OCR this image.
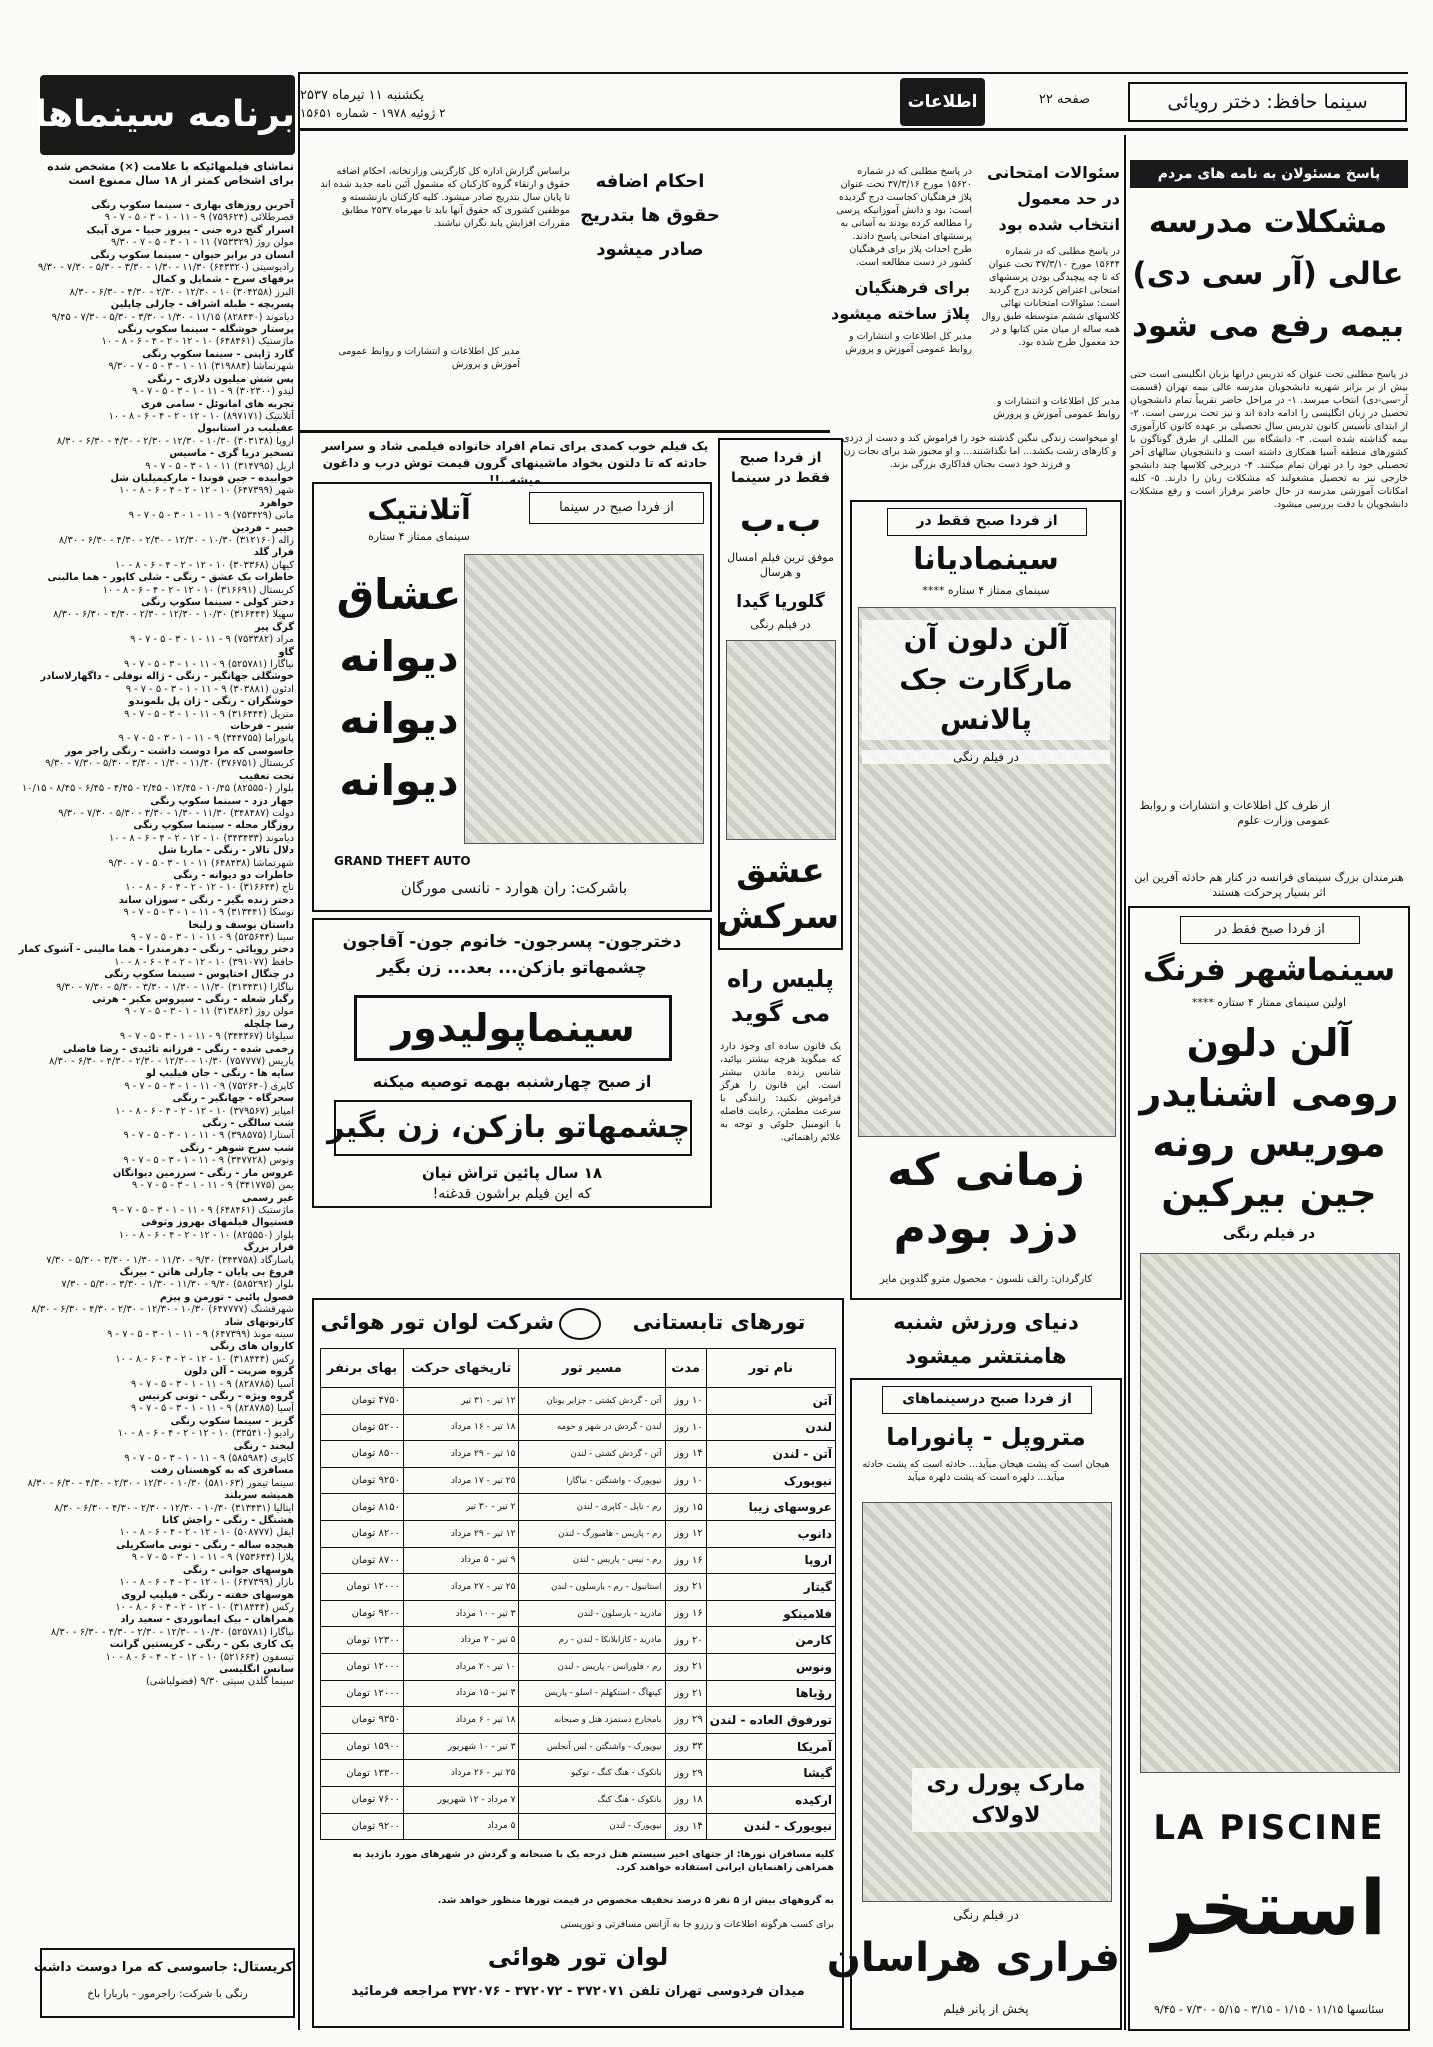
سینما حافظ: دختر رویائی
صفحه ۲۲
اطلاعات
یکشنبه ۱۱ تیرماه ۲۵۳۷
۲ ژوئیه ۱۹۷۸ - شماره ۱۵۶۵۱
برنامه سینماها
تماشای فیلمهائیکه با علامت (×) مشخص شده برای اشخاص کمتر از ۱۸ سال ممنوع است
آخرین روزهای بهاری - سینما سکوپ رنگی
قصرطلائی (۷۵۹۶۲۴) ۹ - ۱۱ - ۱ - ۳ - ۵ - ۷ - ۹
اسرار گنج دره جنی - پیروز حبیا - مری آپیک
مولن روژ (۷۵۳۳۲۹) ۱۱ - ۱ - ۳ - ۵ - ۷ - ۹/۳۰
انسان در برابر حیوان - سینما سکوپ رنگی
رادیوسیتی (۶۴۳۳۲۰) ۱۱/۳۰ - ۱/۳۰ - ۳/۳۰ - ۵/۳۰ - ۷/۳۰ - ۹/۳۰
برفهای سرخ - شمایل و کمال
البرز (۳۰۴۲۵۸) ۱۰ - ۱۲/۳۰ - ۲/۳۰ - ۴/۳۰ - ۶/۳۰ - ۸/۳۰
پسربچه - طبله اشراف - چارلی چاپلین
دیاموند (۸۲۸۴۴۰) ۱۱/۱۵ - ۱/۳۰ - ۳/۳۰ - ۵/۳۰ - ۷/۳۰ - ۹/۴۵
پرستار خوشگله - سینما سکوپ رنگی
ماژستیک (۶۴۸۴۶۱) ۱۰ - ۱۲ - ۲ - ۴ - ۶ - ۸ - ۱۰
گارد ژاپنی - سینما سکوپ رنگی
شهرتماشا (۳۱۹۸۸۴) ۱۱ - ۱ - ۳ - ۵ - ۷ - ۹/۳۰
پس شش میلیون دلاری - رنگی
لیدو (۳۰۲۳۰۰) ۹ - ۱۱ - ۱ - ۳ - ۵ - ۷ - ۹
تجربه های اماتوئل - سامی فری
آتلانتیک (۸۹۷۱۷۱) ۱۰ - ۱۲ - ۲ - ۴ - ۶ - ۸ - ۱۰
عقیلیب در استانبول
اروپا (۳۰۳۱۳۸) ۱۰/۳۰ - ۱۲/۳۰ - ۲/۳۰ - ۴/۳۰ - ۶/۳۰ - ۸/۳۰
تسخیر دریا گری - ماسیس
اریل (۳۱۴۷۹۵) ۱۱ - ۱ - ۳ - ۵ - ۷ - ۹
خوابیده - جین فوندا - مارکیمیلیان شل
شهر (۶۴۷۳۹۹) ۱۰ - ۱۲ - ۲ - ۴ - ۶ - ۸ - ۱۰
خواهرد
مانی (۷۵۳۴۲۹) ۹ - ۱۱ - ۱ - ۳ - ۵ - ۷ - ۹
خیبر - فردین
زاله (۳۱۲۱۶۰) ۱۰/۳۰ - ۱۲/۳۰ - ۲/۳۰ - ۴/۳۰ - ۶/۳۰ - ۸/۳۰
فرار گلد
کیهان (۳۰۳۳۶۸) ۱۰ - ۱۲ - ۲ - ۴ - ۶ - ۸ - ۱۰
خاطرات یک عشق - رنگی - شلی کاپور - هما مالینی
کریستال (۳۱۶۶۹۱) ۱۰ - ۱۲ - ۲ - ۴ - ۶ - ۸ - ۱۰
دختر کولی - سینما سکوپ رنگی
سهیلا (۳۱۶۴۴۴) ۱۰/۳۰ - ۱۲/۳۰ - ۲/۳۰ - ۴/۳۰ - ۶/۳۰ - ۸/۳۰
گرگ پیر
مراد (۷۵۳۳۸۲) ۹ - ۱۱ - ۱ - ۳ - ۵ - ۷ - ۹
گاو
نیاگارا (۵۲۵۷۸۱) ۹ - ۱۱ - ۱ - ۳ - ۵ - ۷ - ۹
خوشگلی جهانگیر - رنگی - ژاله نوفلی - داگهارلاسادر
ادئون (۳۰۳۸۸۱) ۹ - ۱۱ - ۱ - ۳ - ۵ - ۷ - ۹
خوشگران - رنگی - ژان پل بلموندو
مترپل (۳۱۶۴۴۴) ۹ - ۱۱ - ۱ - ۳ - ۵ - ۷ - ۹
شیر - فرحات
پانوراما (۳۴۴۷۵۵) ۹ - ۱۱ - ۱ - ۳ - ۵ - ۷ - ۹
جاسوسی که مرا دوست داشت - رنگی راجر مور
کریستال (۳۷۶۷۵۱) ۱۱/۳۰ - ۱/۳۰ - ۳/۳۰ - ۵/۳۰ - ۷/۳۰ - ۹/۳۰
تحت تعقیب
بلوار (۸۲۵۵۵۰) ۱۰/۴۵ - ۱۲/۴۵ - ۲/۴۵ - ۴/۴۵ - ۶/۴۵ - ۸/۴۵ - ۱۰/۱۵
جهار دزد - سینما سکوپ رنگی
دولت (۳۴۸۴۸۷) ۱۱/۳۰ - ۱/۳۰ - ۳/۳۰ - ۵/۳۰ - ۷/۳۰ - ۹/۳۰
روزگار محله - سینما سکوپ رنگی
دیاموند (۳۴۳۴۳۳) ۱۰ - ۱۲ - ۲ - ۴ - ۶ - ۸ - ۱۰
دلال تالار - رنگی - ماریا شل
شهرتماشا (۶۴۸۴۳۸) ۱۱ - ۱ - ۳ - ۵ - ۷ - ۹/۳۰
خاطرات دو دیوانه - رنگی
تاج (۳۱۶۶۴۴) ۱۰ - ۱۲ - ۲ - ۴ - ۶ - ۸ - ۱۰
دختر زنده بگیر - رنگی - سوزان ساند
توسکا (۳۱۳۴۴۱) ۹ - ۱۱ - ۱ - ۳ - ۵ - ۷ - ۹
داستان یوسف و زلیخا
سینا (۵۲۵۶۴۴) ۹ - ۱۱ - ۱ - ۳ - ۵ - ۷ - ۹
دختر رویائی - رنگی - دهرمندرا - هما مالینی - آشوک کمار
حافظ (۳۹۱۰۷۷) ۱۰ - ۱۲ - ۲ - ۴ - ۶ - ۸ - ۱۰
در چنگال اختاپوس - سینما سکوپ رنگی
نیاگارا (۳۱۳۴۳۱) ۱۱/۳۰ - ۱/۳۰ - ۳/۳۰ - ۵/۳۰ - ۷/۳۰ - ۹/۳۰
رگبار شعله - رنگی - سیروس مکبر - هرتی
مولن روژ (۳۱۳۸۶۴) ۱۱ - ۱ - ۳ - ۵ - ۷ - ۹
رضا چلچله
سیلوانا (۳۴۴۳۶۷) ۹ - ۱۱ - ۱ - ۳ - ۵ - ۷ - ۹
زخمی شده - رنگی - فرزانه تائیدی - رضا فاضلی
پاریس (۷۵۷۷۷۷) ۱۰/۳۰ - ۱۲/۳۰ - ۲/۳۰ - ۴/۳۰ - ۶/۳۰ - ۸/۳۰
سایه ها - رنگی - جان فیلیپ لو
کاپری (۷۵۲۶۴۰) ۹ - ۱۱ - ۱ - ۳ - ۵ - ۷ - ۹
سحرگاه - جهانگیر - رنگی
امپایر (۳۷۹۵۶۷) ۱۰ - ۱۲ - ۲ - ۴ - ۶ - ۸ - ۱۰
شب سالگی - رنگی
آستارا (۳۹۸۵۷۵) ۹ - ۱۱ - ۱ - ۳ - ۵ - ۷ - ۹
شب سرخ شوهر - رنگی
ونوس (۳۴۷۷۲۸) ۹ - ۱۱ - ۱ - ۳ - ۵ - ۷ - ۹
عروس مار - رنگی - سرزمین دیوانگان
یمن (۳۴۱۷۷۵) ۹ - ۱۱ - ۱ - ۳ - ۵ - ۷ - ۹
غیر رسمی
ماژستیک (۶۴۸۴۶۱) ۹ - ۱۱ - ۱ - ۳ - ۵ - ۷ - ۹
فستیوال فیلمهای بهروز وثوقی
بلوار (۸۲۵۵۵۰) ۱۰ - ۱۲ - ۲ - ۴ - ۶ - ۸ - ۱۰
فرار بزرگ
پاسارگاد (۳۴۴۷۵۸) ۹/۳۰ - ۱۱/۳۰ - ۱/۳۰ - ۳/۳۰ - ۵/۳۰ - ۷/۳۰
فروغ بی پایان - چارلی هاتن - بیرنگ
بلوار (۵۸۵۲۹۲) ۹/۳۰ - ۱۱/۳۰ - ۱/۳۰ - ۳/۳۰ - ۵/۳۰ - ۷/۳۰
فصول پائیی - تورمن و پیزم
شهرقشنگ (۶۴۷۷۷۷) ۱۰/۳۰ - ۱۲/۳۰ - ۲/۳۰ - ۴/۳۰ - ۶/۳۰ - ۸/۳۰
کارتونهای شاد
سینه مونذ (۶۴۷۳۹۹) ۹ - ۱۱ - ۱ - ۳ - ۵ - ۷ - ۹
کاروان های رنگی
رکس (۳۱۸۴۴۴) ۱۰ - ۱۲ - ۲ - ۴ - ۶ - ۸ - ۱۰
گروه ضربت - آلن دلون
آسیا (۸۲۸۷۸۵) ۹ - ۱۱ - ۱ - ۳ - ۵ - ۷ - ۹
گروه ویژه - رنگی - تونی کرتیس
آسیا (۸۲۸۷۸۵) ۹ - ۱۱ - ۱ - ۳ - ۵ - ۷ - ۹
گریز - سینما سکوپ رنگی
رادیو (۳۳۵۴۱۰) ۱۰ - ۱۲ - ۲ - ۴ - ۶ - ۸ - ۱۰
لبخند - رنگی
کاپری (۵۸۵۹۸۴) ۹ - ۱۱ - ۱ - ۳ - ۵ - ۷ - ۹
مسافری که به کوهستان رفت
سینما تیمور (۵۸۱۰۶۳) ۱۰/۳۰ - ۱۲/۳۰ - ۲/۳۰ - ۴/۳۰ - ۶/۳۰ - ۸/۳۰
همیشه سربلند
ایتالیا (۳۱۳۴۳۱) ۱۰/۳۰ - ۱۲/۳۰ - ۲/۳۰ - ۴/۳۰ - ۶/۳۰ - ۸/۳۰
هشتگل - رنگی - راجش کانا
ایفل (۵۰۸۷۷۷) ۱۰ - ۱۲ - ۲ - ۴ - ۶ - ۸ - ۱۰
هیجده ساله - رنگی - تونی ماسکریلی
پلازا (۷۵۳۶۴۴) ۹ - ۱۱ - ۱ - ۳ - ۵ - ۷ - ۹
هوسهای جوانی - رنگی
بازار (۶۴۷۳۹۹) ۱۰ - ۱۲ - ۲ - ۴ - ۶ - ۸ - ۱۰
هوسهای خفته - رنگی - فیلیپ لروی
رکس (۳۱۸۴۴۴) ۱۰ - ۱۲ - ۲ - ۴ - ۶ - ۸ - ۱۰
همراهان - بیک ایمانوردی - سعید راد
نیاگارا (۵۲۵۷۸۱) ۱۰/۳۰ - ۱۲/۳۰ - ۲/۳۰ - ۴/۳۰ - ۶/۳۰ - ۸/۳۰
یک کاری بکن - رنگی - کریستین گرانت
تیسفون (۵۲۱۶۶۴) ۱۰ - ۱۲ - ۲ - ۴ - ۶ - ۸ - ۱۰
سانس انگلیسی
سینما گلدن سیتی ۹/۳۰ (فضولباشی)
کریستال: جاسوسی که مرا دوست داشت
رنگی با شرکت: راجرمور - باربارا باخ
پاسخ مسئولان به نامه های مردم
مشکلات مدرسه عالی (آر سی دی) بیمه رفع می شود
در پاسخ مطلبی تحت عنوان که تدریس درانها بزبان انگلیسی است حتی بیش از بر برابر شهریه دانشجویان مدرسه عالی بیمه تهران (قسمت آر-سی-دی) انتخاب میرسد. ۱- در مراحل حاضر تقریباً تمام دانشجویان تحصیل در زبان انگلیسی را ادامه داده اند و نیز تحت بررسی است. ۲- از ابتدای تأسیس کانون تدریس سال تحصیلی بر عهده کانون کارآموزی بیمه گذاشته شده است. ۳- دانشگاه بین المللی از طرق گوناگون با کشورهای منطقه آسیا همکاری داشته است و دانشجویان سالهای آخر تحصیلی خود را در تهران تمام میکنند. ۴- دربرخی کلاسها چند دانشجو خارجی نیز به تحصیل مشغولند که مشکلات زبان را دارند. ۵- کلیه امکانات آموزشی مدرسه در حال حاضر برقرار است و رفع مشکلات دانشجویان با دقت بررسی میشود.
از طرف کل اطلاعات و انتشارات و روابط عمومی وزارت علوم
هنرمندان بزرگ سینمای فرانسه در کنار هم حادثه آفرین این اثر بسیار پرحرکت هستند
از فردا صبح فقط در
سینماشهر فرنگ
اولین سینمای ممتاز ۴ ستاره ****
آلن دلون رومی اشنایدر موریس رونه جین بیرکین
در فیلم رنگی
LA PISCINE
استخر
سئانسها ۱۱/۱۵ - ۱/۱۵ - ۳/۱۵ - ۵/۱۵ - ۷/۳۰ - ۹/۴۵
سئوالات امتحانی در حد معمول انتخاب شده بود
در پاسخ مطلبی که در شماره ۱۵۶۴۴ مورخ ۳۷/۳/۱۰ تحت عنوان که تا چه پیچیدگی بودن پرسشهای امتحانی اعتراض کردند درج گردید است: سئوالات امتحانات نهائی کلاسهای ششم متوسطه طبق روال همه ساله از میان متن کتابها و در حد معمول طرح شده بود.
مدیر کل اطلاعات و انتشارات و روابط عمومی آموزش و پرورش
برای فرهنگیان پلاژ ساخته میشود
در پاسخ مطلبی که در شماره ۱۵۶۲۰ مورخ ۳۷/۳/۱۶ تحت عنوان پلاژ فرهنگیان کجاست درج گردیده است: بود و دانش آموزانیکه پرسی را مطالعه کرده بودند به آسانی به پرسشهای امتحانی پاسخ دادند. طرح احداث پلاژ برای فرهنگیان کشور در دست مطالعه است.
مدیر کل اطلاعات و انتشارات و روابط عمومی آموزش و پرورش
احکام اضافه حقوق ها بتدریج صادر میشود
براساس گزارش اداره کل کارگزینی وزارتخانه، احکام اضافه حقوق و ارتقاء گروه کارکنان که مشمول آئین نامه جدید شده اند تا پایان سال بتدریج صادر میشود. کلیه کارکنان بازنشسته و موظفین کشوری که حقوق آنها باید تا مهرماه ۲۵۳۷ مطابق مقررات افزایش یابد نگران نباشند.
مدیر کل اطلاعات و انتشارات و روابط عمومی آموزش و پرورش
او میخواست زندگی ننگین گذشته خود را فراموش کند و دست از دزدی و کارهای زشت بکشد... اما نگذاشتند... و او مجبور شد برای نجات زن و فرزند خود دست بجنان فداکاری بزرگی بزند.
یک فیلم خوب کمدی برای تمام افراد خانواده فیلمی شاد و سراسر حادثه که تا دلتون بخواد ماشینهای گرون قیمت توش درب و داغون میشه..!!
از فردا صبح در سینما
آتلانتیک
سینمای ممتاز ۴ ستاره
عشاق دیوانه دیوانه دیوانه
GRAND THEFT AUTO
باشرکت: ران هوارد - نانسی مورگان
از فردا صبح فقط در سینما
ب.ب
موفق ترین فیلم امسال و هرسال
گلوریا گیدا
در فیلم رنگی
عشق سرکش
از فردا صبح فقط در
سینمادیانا
سینمای ممتاز ۴ ستاره ****
آلن دلون آن مارگارت جک پالانس
در فیلم رنگی
زمانی که دزد بودم
کارگردان: رالف نلسون - محصول مترو گلدوین مایر
دخترجون- پسرجون- خانوم جون- آقاجون
چشمهاتو بازکن... بعد... زن بگیر
سینماپولیدور
از صبح چهارشنبه بهمه توصیه میکنه
چشمهاتو بازکن، زن بگیر
۱۸ سال پائین تراش نیان
که این فیلم براشون قدغنه!
پلیس راه می گوید
یک قانون ساده ای وجود دارد که میگوید هرچه بیشتر بپائید، شانس زنده ماندن بیشتر است. این قانون را هرگز فراموش نکنید: رانندگی با سرعت مطمئن، رعایت فاصله با اتومبیل جلوئی و توجه به علائم راهنمائی.
دنیای ورزش شنبه هامنتشر میشود
از فردا صبح درسینماهای
متروپل - پانوراما
هیجان است که پشت هیجان میآید... حادثه است که پشت حادثه میآید... دلهره است که پشت دلهره میآید
مارک پورل ری لاولاک
در فیلم رنگی
فراری هراسان
پخش از پانر فیلم
تورهای تابستانی
شرکت لوان تور هوائی
نام تور	مدت	مسیر تور	تاریخهای حرکت	بهای برنفر
آتن	۱۰ روز	آتن - گردش کشتی - جزایر یونان	۱۲ تیر - ۳۱ تیر	۴۷۵۰ تومان
لندن	۱۰ روز	لندن - گردش در شهر و حومه	۱۸ تیر - ۱۶ مرداد	۵۲۰۰ تومان
آتن - لندن	۱۴ روز	آتن - گردش کشتی - لندن	۱۵ تیر - ۲۹ مرداد	۸۵۰۰ تومان
نیویورک	۱۰ روز	نیویورک - واشنگتن - نیاگارا	۲۵ تیر - ۱۷ مرداد	۹۲۵۰ تومان
عروسهای زیبا	۱۵ روز	رم - ناپل - کاپری - لندن	۲ تیر - ۳۰ تیر	۸۱۵۰ تومان
دانوب	۱۲ روز	رم - پاریس - هامبورگ - لندن	۱۲ تیر - ۲۹ مرداد	۸۲۰۰ تومان
اروپا	۱۶ روز	رم - نیس - پاریس - لندن	۹ تیر - ۵ مرداد	۸۷۰۰ تومان
گیتار	۲۱ روز	استانبول - رم - بارسلون - لندن	۲۵ تیر - ۲۷ مرداد	۱۲۰۰۰ تومان
فلامینکو	۱۶ روز	مادرید - بارسلون - لندن	۳ تیر - ۱۰ مرداد	۹۲۰۰ تومان
کارمن	۲۰ روز	مادرید - کازابلانکا - لندن - رم	۵ تیر - ۲ مرداد	۱۲۳۰۰ تومان
ونوس	۲۱ روز	رم - فلورانس - پاریس - لندن	۱۰ تیر - ۲ مرداد	۱۲۰۰۰ تومان
رؤیاها	۲۱ روز	کپنهاگ - استکهلم - اسلو - پاریس	۳ تیر - ۱۵ مرداد	۱۲۰۰۰ تومان
تورفوق العاده - لندن	۲۹ روز	بامخارج دستمزد هتل و صبحانه	۱۸ تیر - ۶ مرداد	۹۳۵۰ تومان
آمریکا	۳۳ روز	نیویورک - واشنگتن - لس آنجلس	۳ تیر - ۱۰ شهریور	۱۵۹۰۰ تومان
گیشا	۲۹ روز	بانکوک - هنگ کنگ - توکیو	۲۵ تیر - ۲۶ مرداد	۱۳۳۰۰ تومان
ارکیده	۱۸ روز	بانکوک - هنگ کنگ	۷ مرداد - ۱۲ شهریور	۷۶۰۰ تومان
نیویورک - لندن	۱۴ روز	نیویورک - لندن	۵ مرداد	۹۲۰۰ تومان
کلیه مسافران تورها: از جتهای اخیر سیستم هتل درجه یک با صبحانه و گردش در شهرهای مورد بازدید به همراهی راهنمایان ایرانی استفاده خواهند کرد.
به گروههای بیش از ۵ نفر ۵ درصد تخفیف مخصوص در قیمت تورها منظور خواهد شد.
برای کسب هرگونه اطلاعات و رزرو جا به آژانس مسافرتی و توریستی
لوان تور هوائی
میدان فردوسی تهران تلفن ۳۷۲۰۷۱ - ۳۷۲۰۷۲ - ۳۷۲۰۷۶ مراجعه فرمائید
